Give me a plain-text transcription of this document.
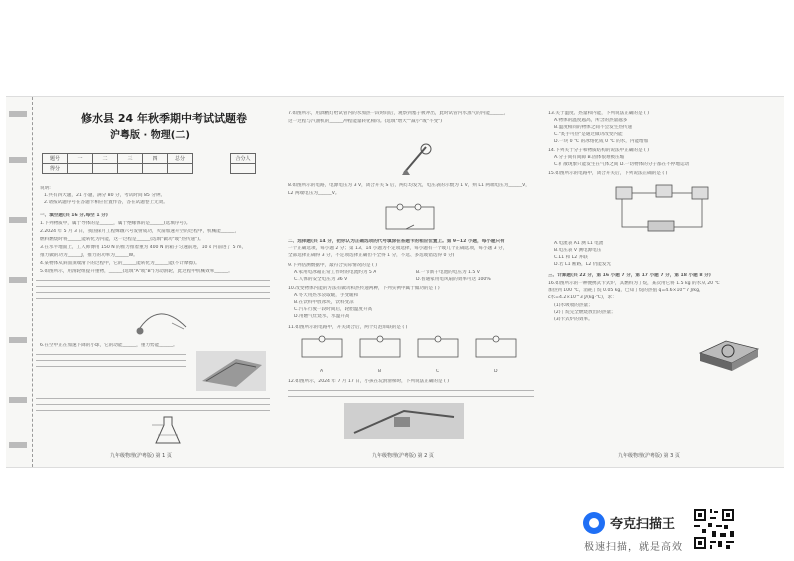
修水县 24 年秋季期中考试试题卷
沪粤版 · 物理(二)
题号	一	二	三	四	总分
得分					
合分人

说明:
1.共有四大题，21 小题，满分 80 分，考试时间 85 分钟。
2.请按试题序号在答题卡相应位置作答，答在试题卷上无效。
一、填空题(共 16 分,每空 1 分)
1.下列物质中，属于导体的是______，属于绝缘体的是______(选填序号)。
2.2024 年 5 月 3 日，我国探月工程嫦娥六号发射成功，火箭加速升空的过程中，机械能______，
燃料燃烧时将______能转化为内能，这一过程是______(选填"做功"或"热传递")。
3.在水平地面上，工人师傅用 150 N 的推力推着重为 400 N 的箱子匀速前进，10 s 内前进了 5 m，
推力做的功为______J，推力的功率为______W。
4.某物体从斜面顶端滑下的过程中，它的______能转化为______能(不计摩擦)。
5.如图所示，用滑轮组提升重物，______(选填"A"或"B")为动滑轮，此过程中机械效率______。
6.在空中正在加速下降的小球，它的动能______，重力势能______。
九年级物理(沪粤版) 第 1 页
7.如图所示，用酒精灯给试管内的水加热一段时间后，观察到塞子被冲出，此时试管内水蒸气的内能______，
这一过程与汽油机的______冲程能量转化相同。(选填"增大""减小"或"不变")
8.如图所示的电路，电源电压为 3 V，闭合开关 S 后，两灯均发光，电压表的示数为 1 V，则 L1 两端电压为______V，
L2 两端电压为______V。
二、选择题(共 14 分，把你认为正确选项的代号填涂在答题卡的相应位置上。第 9~12 小题，每小题只有
一个正确选项，每小题 2 分；第 13、14 小题为不定项选择，每小题有一个或几个正确选项，每小题 3 分，
全部选择正确得 3 分，不定项选择正确但不全得 1 分，不选、多选或错选得 0 分)
9.下列估测数据中，最符合实际情况的是 ( )
A.家用电冰箱正常工作时的电流约为 5 A	B.一节新干电池的电压为 1.5 V
C.人体的安全电压为 36 V	D.普通家用电风扇的效率可达 100%
10.改变物体内能的方法有做功和热传递两种，下列实例中属于做功的是 ( )
A.冬天用热水袋取暖，手变暖和
B.在饮料中放冰块，饮料变凉
C.汽车行驶一段时间后，轮胎温度升高
D.用燃气灶烧水，水温升高
11.如图所示的电路中，开关闭合后，两个灯泡串联的是 ( )
A	B	C	D
12.如图所示，2024 年 7 月 17 日，小孩在玩滑滑梯时，下列说法正确的是 ( )
九年级物理(沪粤版) 第 2 页
13.关于温度、热量和内能，下列说法正确的是 ( )
A.物体的温度越高，所含的热量越多
B.温度相同的物体之间不会发生热传递
C."炙手可热"是通过做功改变内能
D.一块 0 ℃ 的冰熔化成 0 ℃ 的水，内能增加
14.下列关于分子和物质结构的说法中正确的是 ( )
A.分子间有间隙 B.固体很难被压缩
C.扩散现象只能发生在气体之间 D.一切物体的分子都在不停地运动
15.如图所示的电路中，闭合开关后，下列说法正确的是 ( )
A.电流表 A1 测 L1 电流
B.电压表 V 测电源电压
C.L1 和 L2 并联
D.若 L1 断路，L2 仍能发光
三、计算题(共 22 分，第 16 小题 7 分，第 17 小题 7 分，第 18 小题 8 分)
16.如图所示的一种便携式卡式炉，其燃料为丁烷，某次用它将 1.5 kg 的水从 20 ℃
加热到 100 ℃，消耗丁烷 0.05 kg，已知丁烷的热值 q=4.6×10^7 J/kg，
c水=4.2×10^3 J/(kg·℃)，求：
(1)水吸收的热量；
(2)丁烷完全燃烧放出的热量；
(3)卡式炉的效率。
九年级物理(沪粤版) 第 3 页
夸克扫描王
极速扫描，就是高效
